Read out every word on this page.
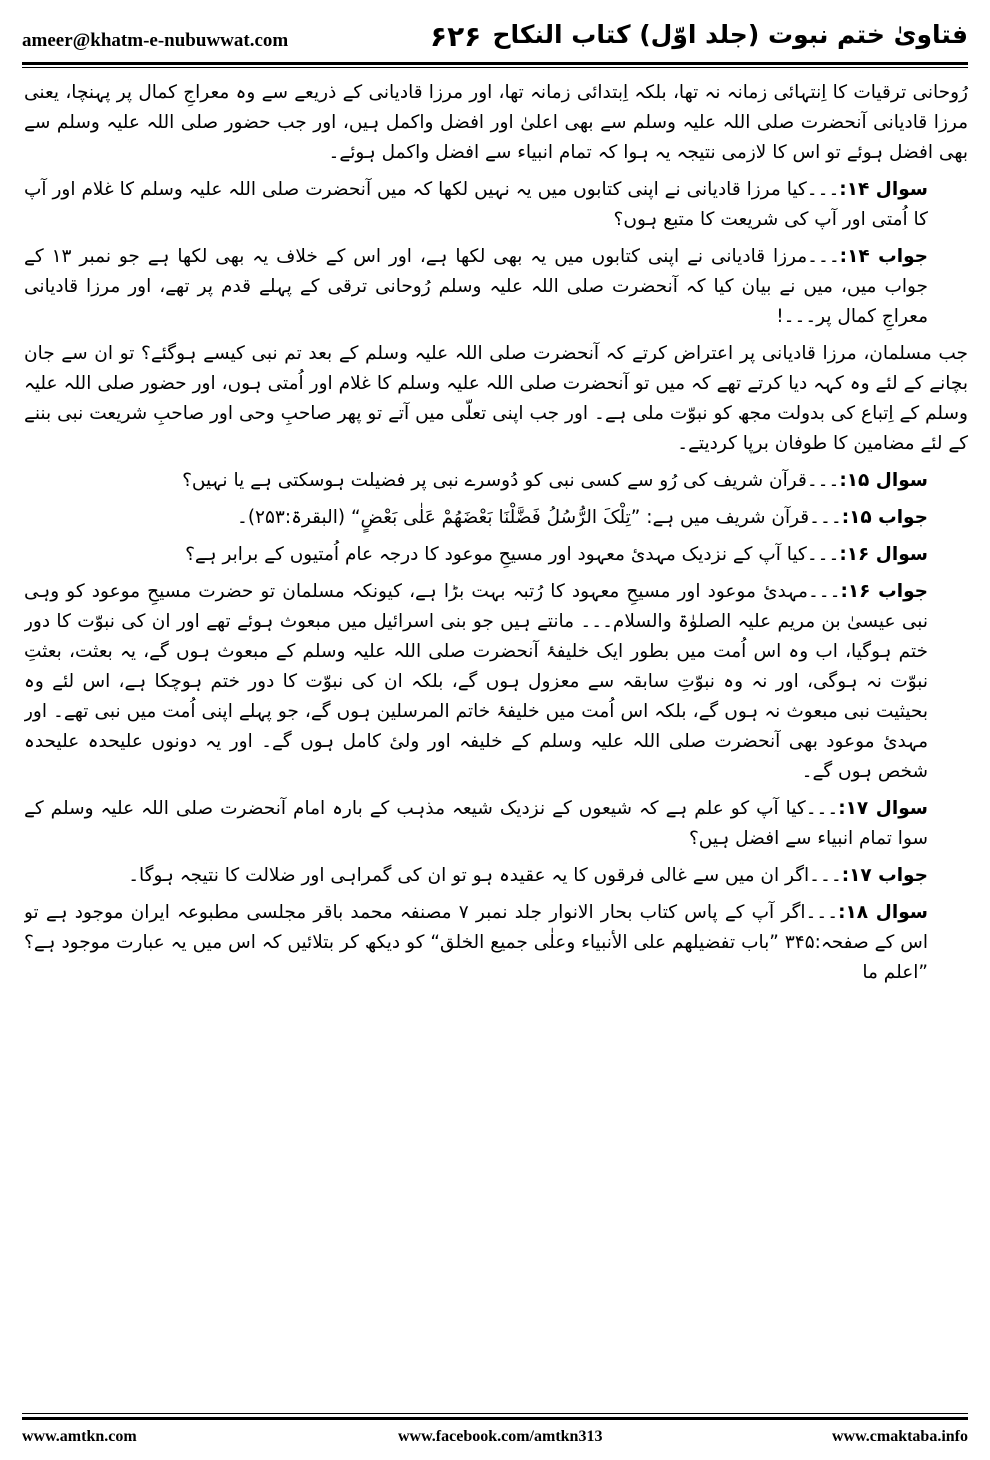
ameer@khatm-e-nubuwwat.com	۶۲۶ فتاویٰ ختم نبوت (جلد اوّل) کتاب النکاح

رُوحانی ترقیات کا اِنتہائی زمانہ نہ تھا، بلکہ اِبتدائی زمانہ تھا، اور مرزا قادیانی کے ذریعے سے وہ معراجِ کمال پر پہنچا، یعنی مرزا قادیانی آنحضرت صلی اللہ علیہ وسلم سے بھی اعلیٰ اور افضل واکمل ہیں، اور جب حضور صلی اللہ علیہ وسلم سے بھی افضل ہوئے تو اس کا لازمی نتیجہ یہ ہوا کہ تمام انبیاء سے افضل واکمل ہوئے۔

سوال ۱۴:۔۔۔کیا مرزا قادیانی نے اپنی کتابوں میں یہ نہیں لکھا کہ میں آنحضرت صلی اللہ علیہ وسلم کا غلام اور آپ کا اُمتی اور آپ کی شریعت کا متبع ہوں؟

جواب ۱۴:۔۔۔مرزا قادیانی نے اپنی کتابوں میں یہ بھی لکھا ہے، اور اس کے خلاف یہ بھی لکھا ہے جو نمبر ۱۳ کے جواب میں، میں نے بیان کیا کہ آنحضرت صلی اللہ علیہ وسلم رُوحانی ترقی کے پہلے قدم پر تھے، اور مرزا قادیانی معراجِ کمال پر۔۔۔!

جب مسلمان، مرزا قادیانی پر اعتراض کرتے کہ آنحضرت صلی اللہ علیہ وسلم کے بعد تم نبی کیسے ہوگئے؟ تو ان سے جان بچانے کے لئے وہ کہہ دیا کرتے تھے کہ میں تو آنحضرت صلی اللہ علیہ وسلم کا غلام اور اُمتی ہوں، اور حضور صلی اللہ علیہ وسلم کے اِتباع کی بدولت مجھ کو نبوّت ملی ہے۔ اور جب اپنی تعلّی میں آتے تو پھر صاحبِ وحی اور صاحبِ شریعت نبی بننے کے لئے مضامین کا طوفان برپا کردیتے۔

سوال ۱۵:۔۔۔قرآن شریف کی رُو سے کسی نبی کو دُوسرے نبی پر فضیلت ہوسکتی ہے یا نہیں؟

جواب ۱۵:۔۔۔قرآن شریف میں ہے: ”تِلْکَ الرُّسُلُ فَضَّلْنَا بَعْضَھُمْ عَلٰی بَعْضٍ“ (البقرۃ:۲۵۳)۔

سوال ۱۶:۔۔۔کیا آپ کے نزدیک مہدیٔ معہود اور مسیحِ موعود کا درجہ عام اُمتیوں کے برابر ہے؟

جواب ۱۶:۔۔۔مہدیٔ موعود اور مسیحِ معہود کا رُتبہ بہت بڑا ہے، کیونکہ مسلمان تو حضرت مسیحِ موعود کو وہی نبی عیسیٰ بن مریم علیہ الصلوٰۃ والسلام۔۔۔ مانتے ہیں جو بنی اسرائیل میں مبعوث ہوئے تھے اور ان کی نبوّت کا دور ختم ہوگیا، اب وہ اس اُمت میں بطور ایک خلیفۂ آنحضرت صلی اللہ علیہ وسلم کے مبعوث ہوں گے، یہ بعثت، بعثتِ نبوّت نہ ہوگی، اور نہ وہ نبوّتِ سابقہ سے معزول ہوں گے، بلکہ ان کی نبوّت کا دور ختم ہوچکا ہے، اس لئے وہ بحیثیت نبی مبعوث نہ ہوں گے، بلکہ اس اُمت میں خلیفۂ خاتم المرسلین ہوں گے، جو پہلے اپنی اُمت میں نبی تھے۔ اور مہدیٔ موعود بھی آنحضرت صلی اللہ علیہ وسلم کے خلیفہ اور ولیٔ کامل ہوں گے۔ اور یہ دونوں علیحدہ علیحدہ شخص ہوں گے۔

سوال ۱۷:۔۔۔کیا آپ کو علم ہے کہ شیعوں کے نزدیک شیعہ مذہب کے بارہ امام آنحضرت صلی اللہ علیہ وسلم کے سوا تمام انبیاء سے افضل ہیں؟

جواب ۱۷:۔۔۔اگر ان میں سے غالی فرقوں کا یہ عقیدہ ہو تو ان کی گمراہی اور ضلالت کا نتیجہ ہوگا۔

سوال ۱۸:۔۔۔اگر آپ کے پاس کتاب بحار الانوار جلد نمبر ۷ مصنفہ محمد باقر مجلسی مطبوعہ ایران موجود ہے تو اس کے صفحہ:۳۴۵ ”باب تفضیلھم علی الأنبیاء وعلٰی جمیع الخلق“ کو دیکھ کر بتلائیں کہ اس میں یہ عبارت موجود ہے؟ ”اعلم ما

www.amtkn.com	www.facebook.com/amtkn313	www.cmaktaba.info
